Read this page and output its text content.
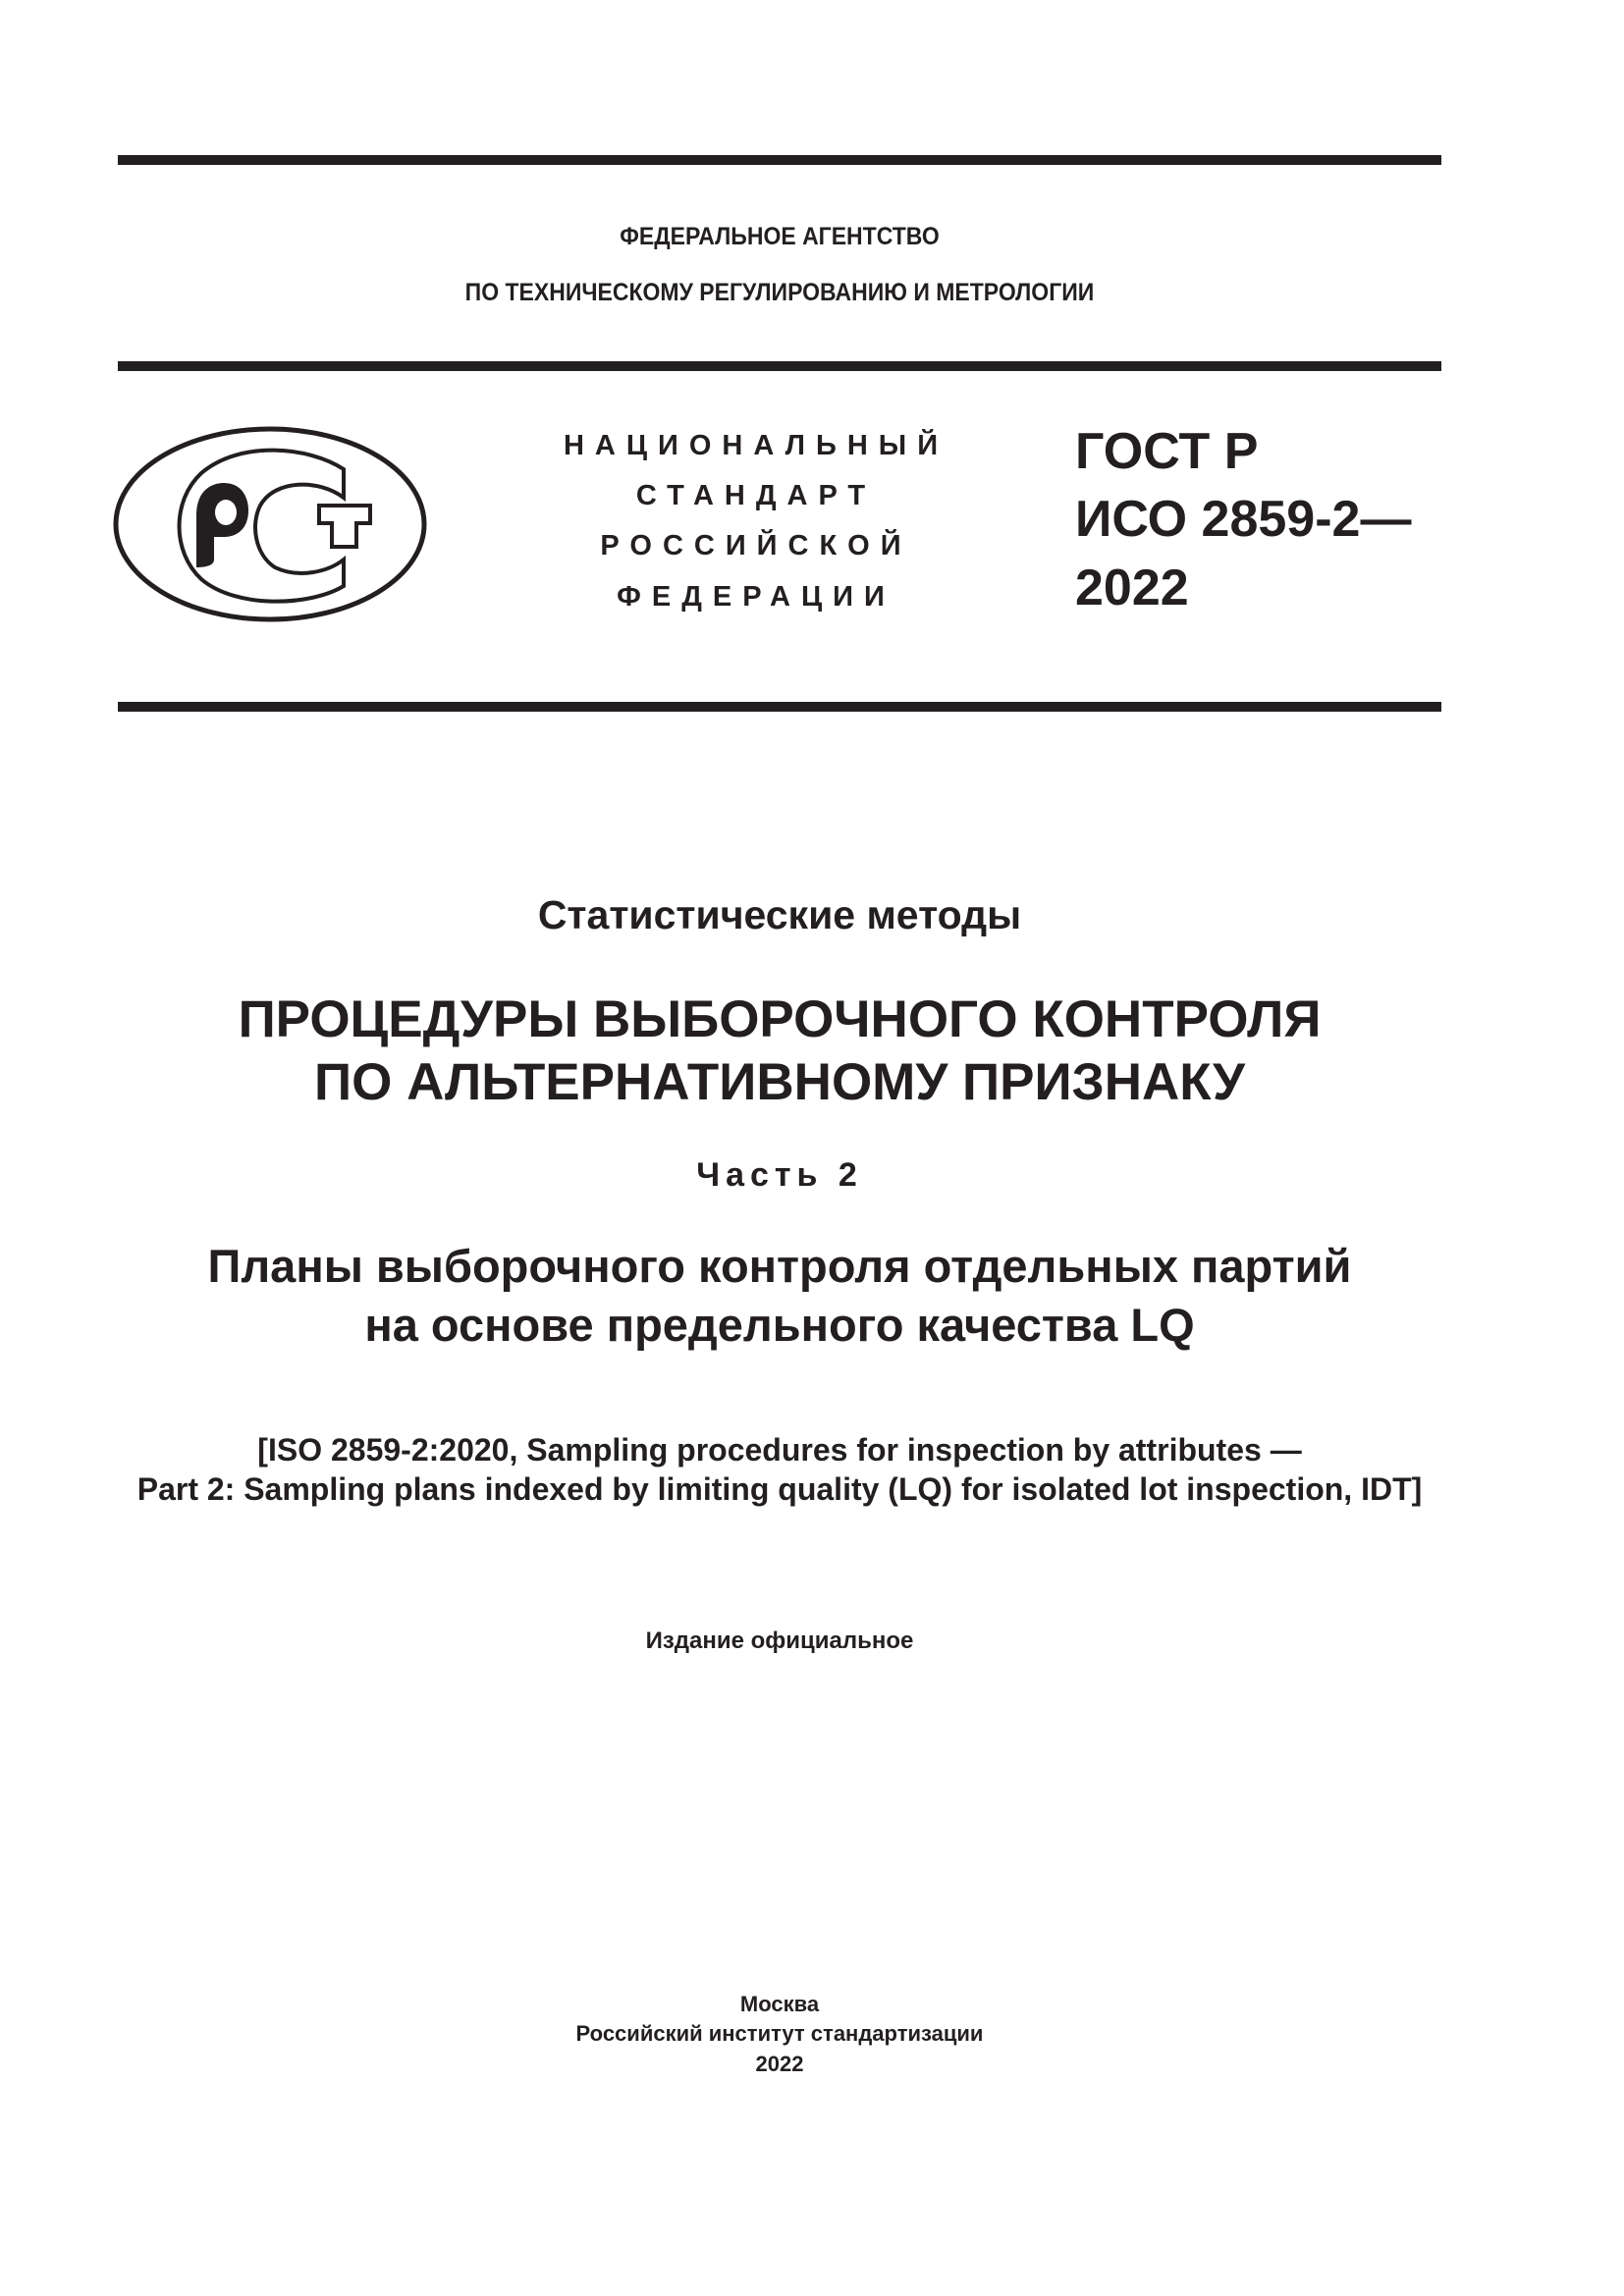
ФЕДЕРАЛЬНОЕ АГЕНТСТВО
ПО ТЕХНИЧЕСКОМУ РЕГУЛИРОВАНИЮ И МЕТРОЛОГИИ
НАЦИОНАЛЬНЫЙ
СТАНДАРТ
РОССИЙСКОЙ
ФЕДЕРАЦИИ
ГОСТ Р
ИСО 2859-2—
2022
Статистические методы
ПРОЦЕДУРЫ ВЫБОРОЧНОГО КОНТРОЛЯ
ПО АЛЬТЕРНАТИВНОМУ ПРИЗНАКУ
Часть 2
Планы выборочного контроля отдельных партий
на основе предельного качества LQ
[ISO 2859-2:2020, Sampling procedures for inspection by attributes —
Part 2: Sampling plans indexed by limiting quality (LQ) for isolated lot inspection, IDT]
Издание официальное
Москва
Российский институт стандартизации
2022
